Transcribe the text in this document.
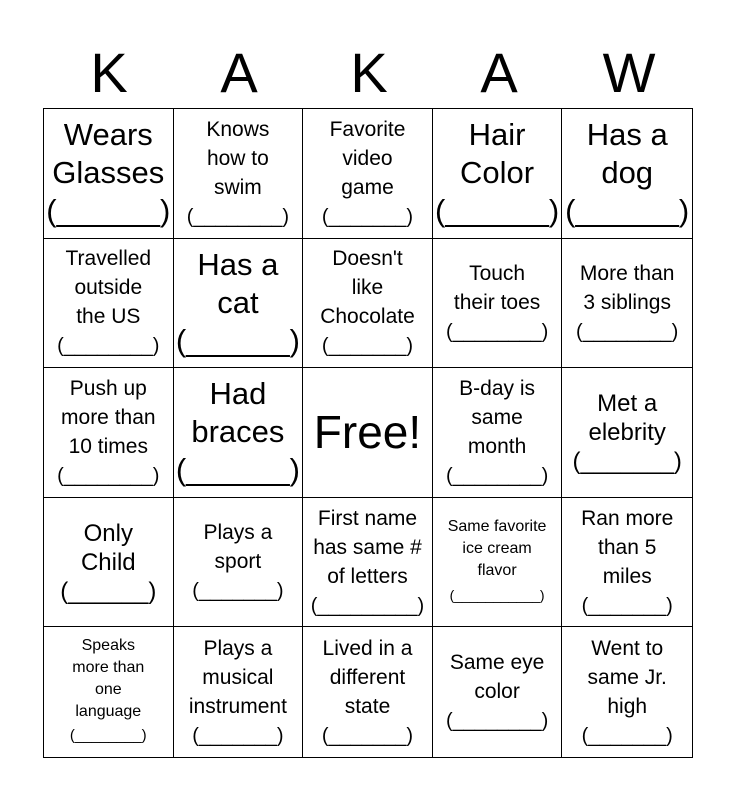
K	A	K	A	W
Wears
Glasses
(______)
Knows
how to
swim
(________)
Favorite
video
game
(_______)
Hair
Color
(______)
Has a
dog
(______)
Travelled
outside
the US
(________)
Has a
cat
(______)
Doesn't
like
Chocolate
(_______)
Touch
their toes
(________)
More than
3 siblings
(________)
Push up
more than
10 times
(________)
Had
braces
(______)
Free!
B-day is
same
month
(________)
Met a
elebrity
(_______)
Only
Child
(______)
Plays a
sport
(_______)
First name
has same #
of letters
(_________)
Same favorite
ice cream
flavor
(___________)
Ran more
than 5
miles
(_______)
Speaks
more than
one
language
(________)
Plays a
musical
instrument
(_______)
Lived in a
different
state
(_______)
Same eye
color
(________)
Went to
same Jr.
high
(_______)
